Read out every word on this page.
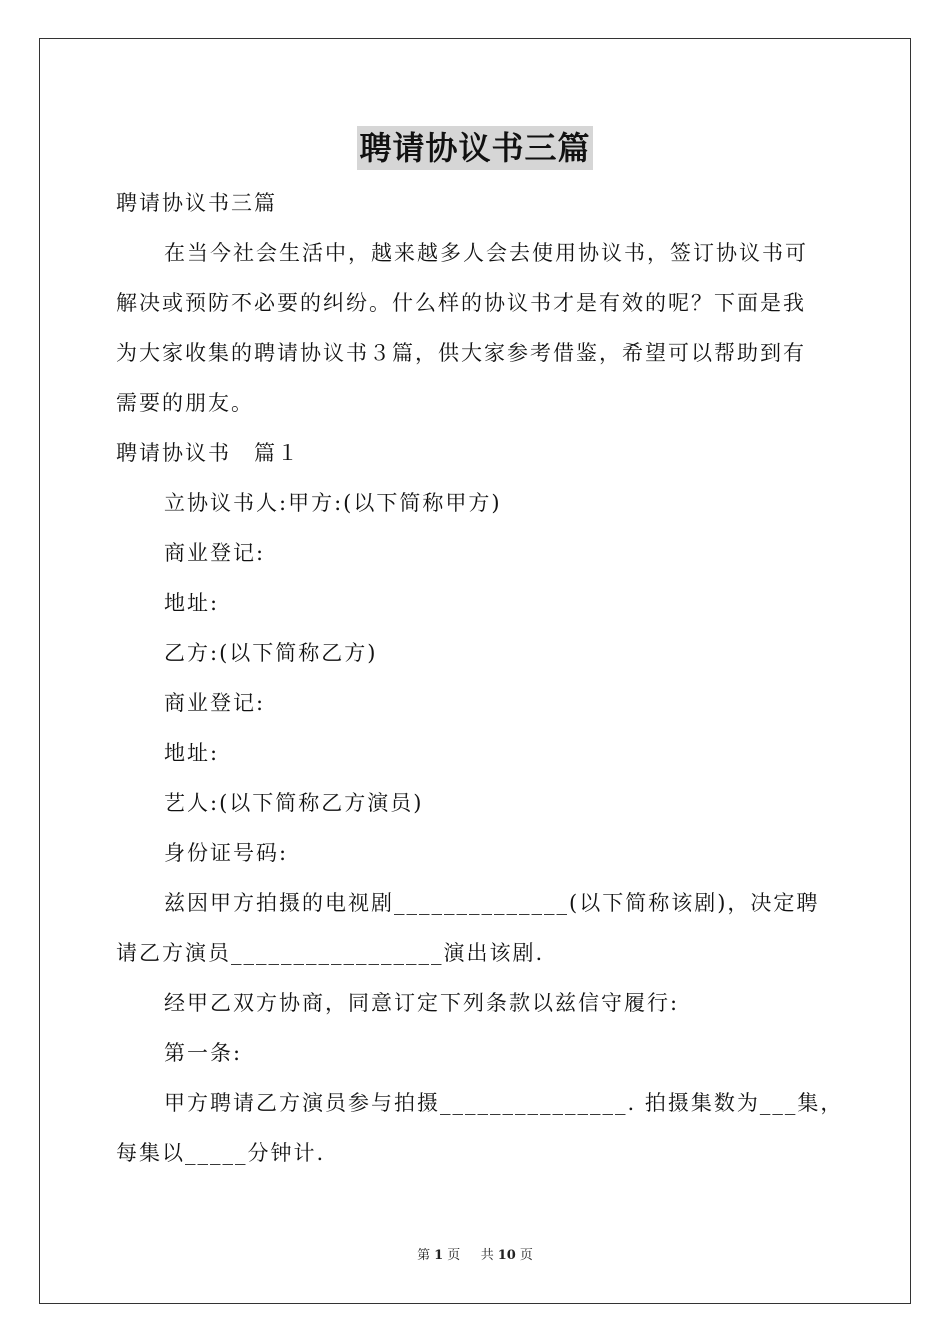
聘请协议书三篇
聘请协议书三篇
在当今社会生活中，越来越多人会去使用协议书，签订协议书可
解决或预防不必要的纠纷。什么样的协议书才是有效的呢？下面是我
为大家收集的聘请协议书３篇，供大家参考借鉴，希望可以帮助到有
需要的朋友。
聘请协议书　篇１
立协议书人:甲方:(以下简称甲方)
商业登记:
地址:
乙方:(以下简称乙方)
商业登记:
地址:
艺人:(以下简称乙方演员)
身份证号码:
兹因甲方拍摄的电视剧______________(以下简称该剧)，决定聘
请乙方演员_________________演出该剧.
经甲乙双方协商，同意订定下列条款以兹信守履行:
第一条:
甲方聘请乙方演员参与拍摄_______________. 拍摄集数为___集，
每集以_____分钟计.
第 1 页 共 10 页
